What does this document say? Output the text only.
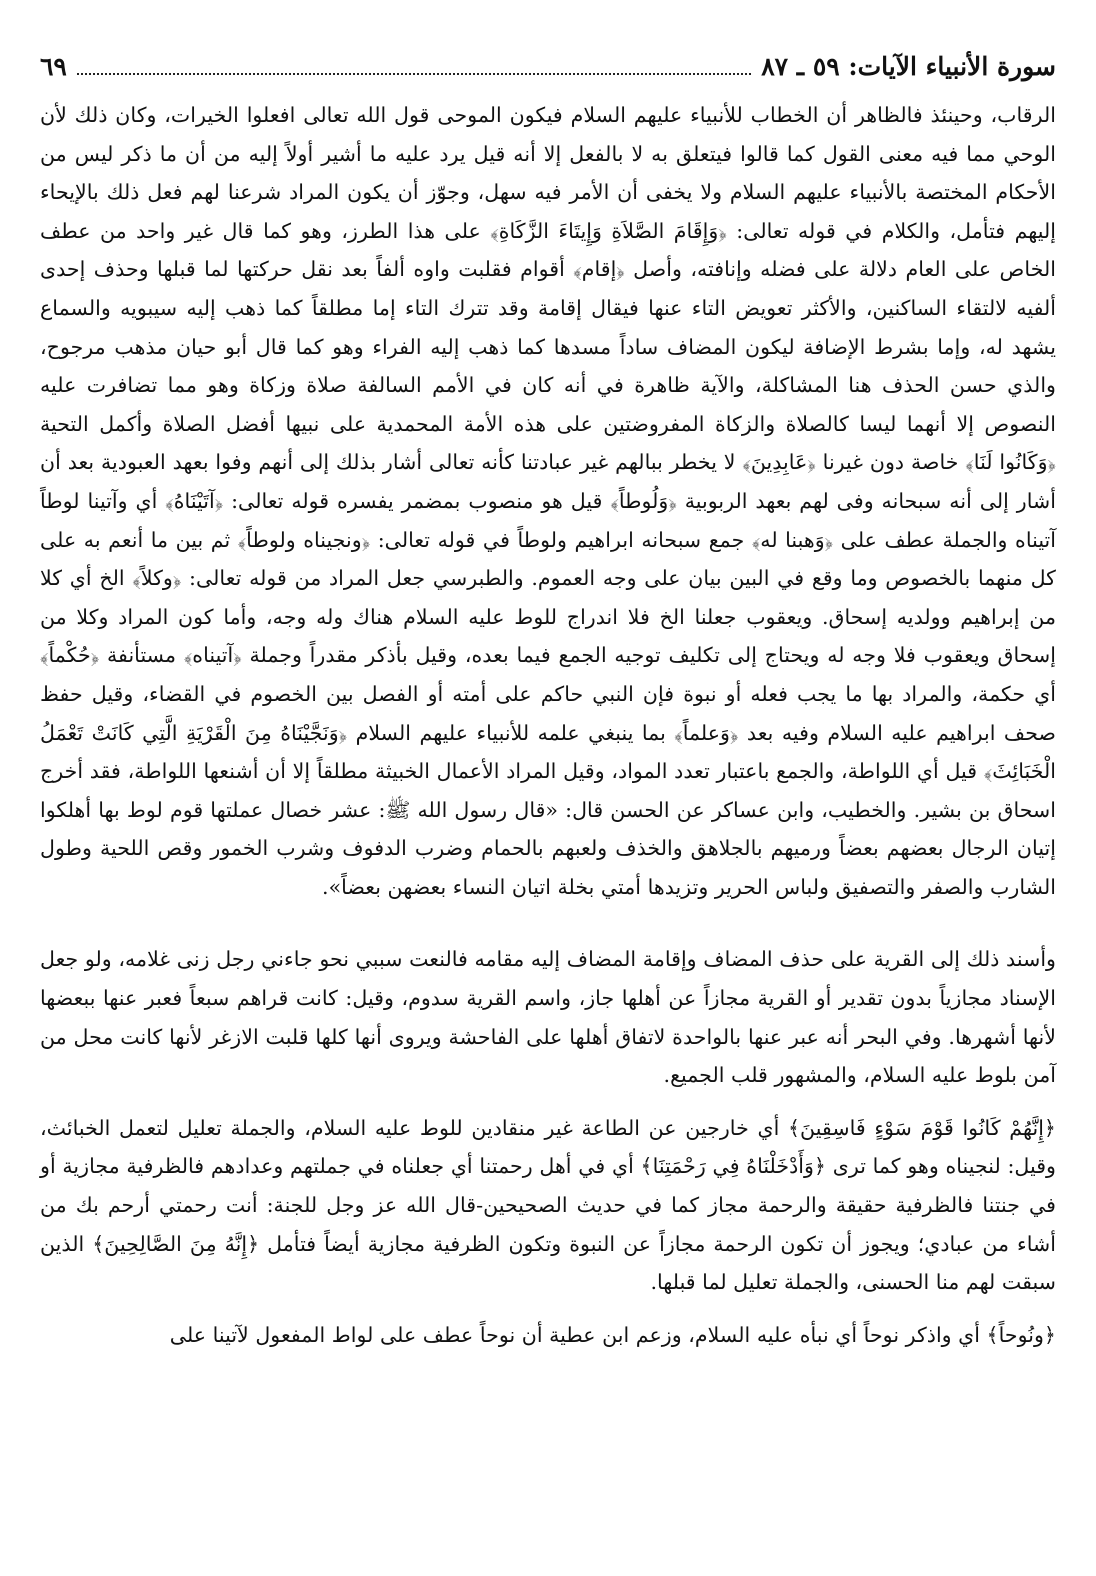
سورة الأنبياء الآيات: ٥٩ ـ ٨٧
٦٩

الرقاب، وحينئذ فالظاهر أن الخطاب للأنبياء عليهم السلام فيكون الموحى قول الله تعالى افعلوا الخيرات، وكان ذلك لأن الوحي مما فيه معنى القول كما قالوا فيتعلق به لا بالفعل إلا أنه قيل يرد عليه ما أشير أولاً إليه من أن ما ذكر ليس من الأحكام المختصة بالأنبياء عليهم السلام ولا يخفى أن الأمر فيه سهل، وجوّز أن يكون المراد شرعنا لهم فعل ذلك بالإيحاء إليهم فتأمل، والكلام في قوله تعالى: ﴿وَإِقَامَ الصَّلاَةِ وَإِيتَاءَ الزَّكَاةِ﴾ على هذا الطرز، وهو كما قال غير واحد من عطف الخاص على العام دلالة على فضله وإنافته، وأصل ﴿إقام﴾ أقوام فقلبت واوه ألفاً بعد نقل حركتها لما قبلها وحذف إحدى ألفيه لالتقاء الساكنين، والأكثر تعويض التاء عنها فيقال إقامة وقد تترك التاء إما مطلقاً كما ذهب إليه سيبويه والسماع يشهد له، وإما بشرط الإضافة ليكون المضاف ساداً مسدها كما ذهب إليه الفراء وهو كما قال أبو حيان مذهب مرجوح، والذي حسن الحذف هنا المشاكلة، والآية ظاهرة في أنه كان في الأمم السالفة صلاة وزكاة وهو مما تضافرت عليه النصوص إلا أنهما ليسا كالصلاة والزكاة المفروضتين على هذه الأمة المحمدية على نبيها أفضل الصلاة وأكمل التحية ﴿وَكَانُوا لَنَا﴾ خاصة دون غيرنا ﴿عَابِدِينَ﴾ لا يخطر ببالهم غير عبادتنا كأنه تعالى أشار بذلك إلى أنهم وفوا بعهد العبودية بعد أن أشار إلى أنه سبحانه وفى لهم بعهد الربوبية ﴿وَلُوطاً﴾ قيل هو منصوب بمضمر يفسره قوله تعالى: ﴿آتَيْنَاهُ﴾ أي وآتينا لوطاً آتيناه والجملة عطف على ﴿وَهبنا له﴾ جمع سبحانه ابراهيم ولوطاً في قوله تعالى: ﴿ونجيناه ولوطاً﴾ ثم بين ما أنعم به على كل منهما بالخصوص وما وقع في البين بيان على وجه العموم. والطبرسي جعل المراد من قوله تعالى: ﴿وكلاً﴾ الخ أي كلا من إبراهيم وولديه إسحاق. ويعقوب جعلنا الخ فلا اندراج للوط عليه السلام هناك وله وجه، وأما كون المراد وكلا من إسحاق ويعقوب فلا وجه له ويحتاج إلى تكليف توجيه الجمع فيما بعده، وقيل بأذكر مقدراً وجملة ﴿آتيناه﴾ مستأنفة ﴿حُكْماً﴾ أي حكمة، والمراد بها ما يجب فعله أو نبوة فإن النبي حاكم على أمته أو الفصل بين الخصوم في القضاء، وقيل حفظ صحف ابراهيم عليه السلام وفيه بعد ﴿وَعلماً﴾ بما ينبغي علمه للأنبياء عليهم السلام ﴿وَنَجَّيْنَاهُ مِنَ الْقَرْيَةِ الَّتِي كَانَتْ تَعْمَلُ الْخَبَائِثَ﴾ قيل أي اللواطة، والجمع باعتبار تعدد المواد، وقيل المراد الأعمال الخبيثة مطلقاً إلا أن أشنعها اللواطة، فقد أخرج اسحاق بن بشير. والخطيب، وابن عساكر عن الحسن قال: «قال رسول الله ﷺ: عشر خصال عملتها قوم لوط بها أهلكوا إتيان الرجال بعضهم بعضاً ورميهم بالجلاهق والخذف ولعبهم بالحمام وضرب الدفوف وشرب الخمور وقص اللحية وطول الشارب والصفر والتصفيق ولباس الحرير وتزيدها أمتي بخلة اتيان النساء بعضهن بعضاً».

وأسند ذلك إلى القرية على حذف المضاف وإقامة المضاف إليه مقامه فالنعت سببي نحو جاءني رجل زنى غلامه، ولو جعل الإسناد مجازياً بدون تقدير أو القرية مجازاً عن أهلها جاز، واسم القرية سدوم، وقيل: كانت قراهم سبعاً فعبر عنها ببعضها لأنها أشهرها. وفي البحر أنه عبر عنها بالواحدة لاتفاق أهلها على الفاحشة ويروى أنها كلها قلبت الازغر لأنها كانت محل من آمن بلوط عليه السلام، والمشهور قلب الجميع.

﴿إِنَّهُمْ كَانُوا قَوْمَ سَوْءٍ فَاسِقِينَ﴾ أي خارجين عن الطاعة غير منقادين للوط عليه السلام، والجملة تعليل لتعمل الخبائث، وقيل: لنجيناه وهو كما ترى ﴿وَأَدْخَلْنَاهُ فِي رَحْمَتِنَا﴾ أي في أهل رحمتنا أي جعلناه في جملتهم وعدادهم فالظرفية مجازية أو في جنتنا فالظرفية حقيقة والرحمة مجاز كما في حديث الصحيحين-قال الله عز وجل للجنة: أنت رحمتي أرحم بك من أشاء من عبادي؛ ويجوز أن تكون الرحمة مجازاً عن النبوة وتكون الظرفية مجازية أيضاً فتأمل ﴿إِنَّهُ مِنَ الصَّالِحِينَ﴾ الذين سبقت لهم منا الحسنى، والجملة تعليل لما قبلها.

﴿ونُوحاً﴾ أي واذكر نوحاً أي نبأه عليه السلام، وزعم ابن عطية أن نوحاً عطف على لواط المفعول لآتينا على
